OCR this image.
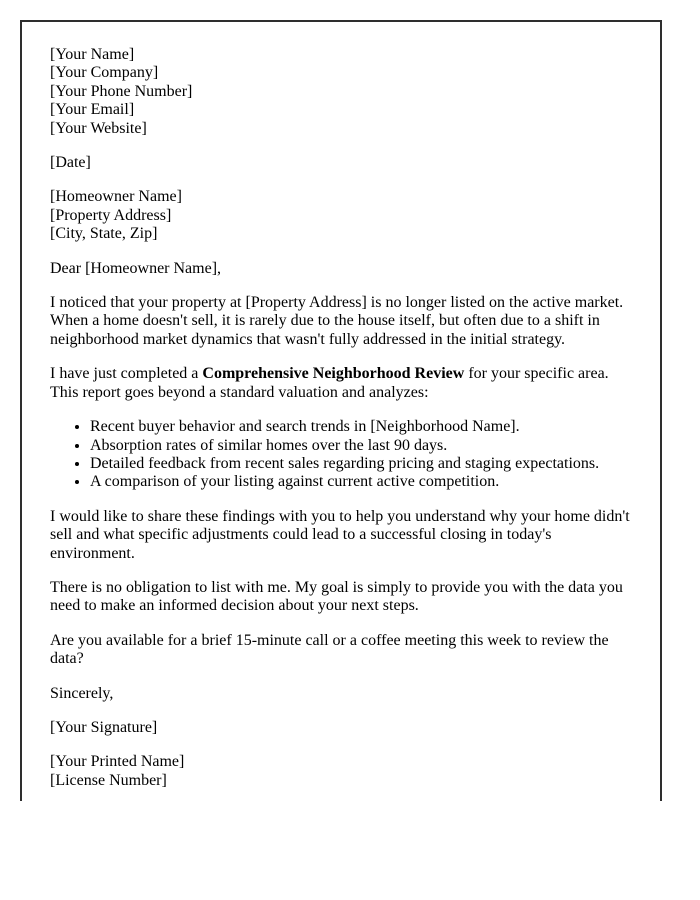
[Your Name]
[Your Company]
[Your Phone Number]
[Your Email]
[Your Website]
[Date]
[Homeowner Name]
[Property Address]
[City, State, Zip]
Dear [Homeowner Name],
I noticed that your property at [Property Address] is no longer listed on the active market. When a home doesn't sell, it is rarely due to the house itself, but often due to a shift in neighborhood market dynamics that wasn't fully addressed in the initial strategy.
I have just completed a Comprehensive Neighborhood Review for your specific area. This report goes beyond a standard valuation and analyzes:
• Recent buyer behavior and search trends in [Neighborhood Name].
• Absorption rates of similar homes over the last 90 days.
• Detailed feedback from recent sales regarding pricing and staging expectations.
• A comparison of your listing against current active competition.
I would like to share these findings with you to help you understand why your home didn't sell and what specific adjustments could lead to a successful closing in today's environment.
There is no obligation to list with me. My goal is simply to provide you with the data you need to make an informed decision about your next steps.
Are you available for a brief 15-minute call or a coffee meeting this week to review the data?
Sincerely,
[Your Signature]
[Your Printed Name]
[License Number]
